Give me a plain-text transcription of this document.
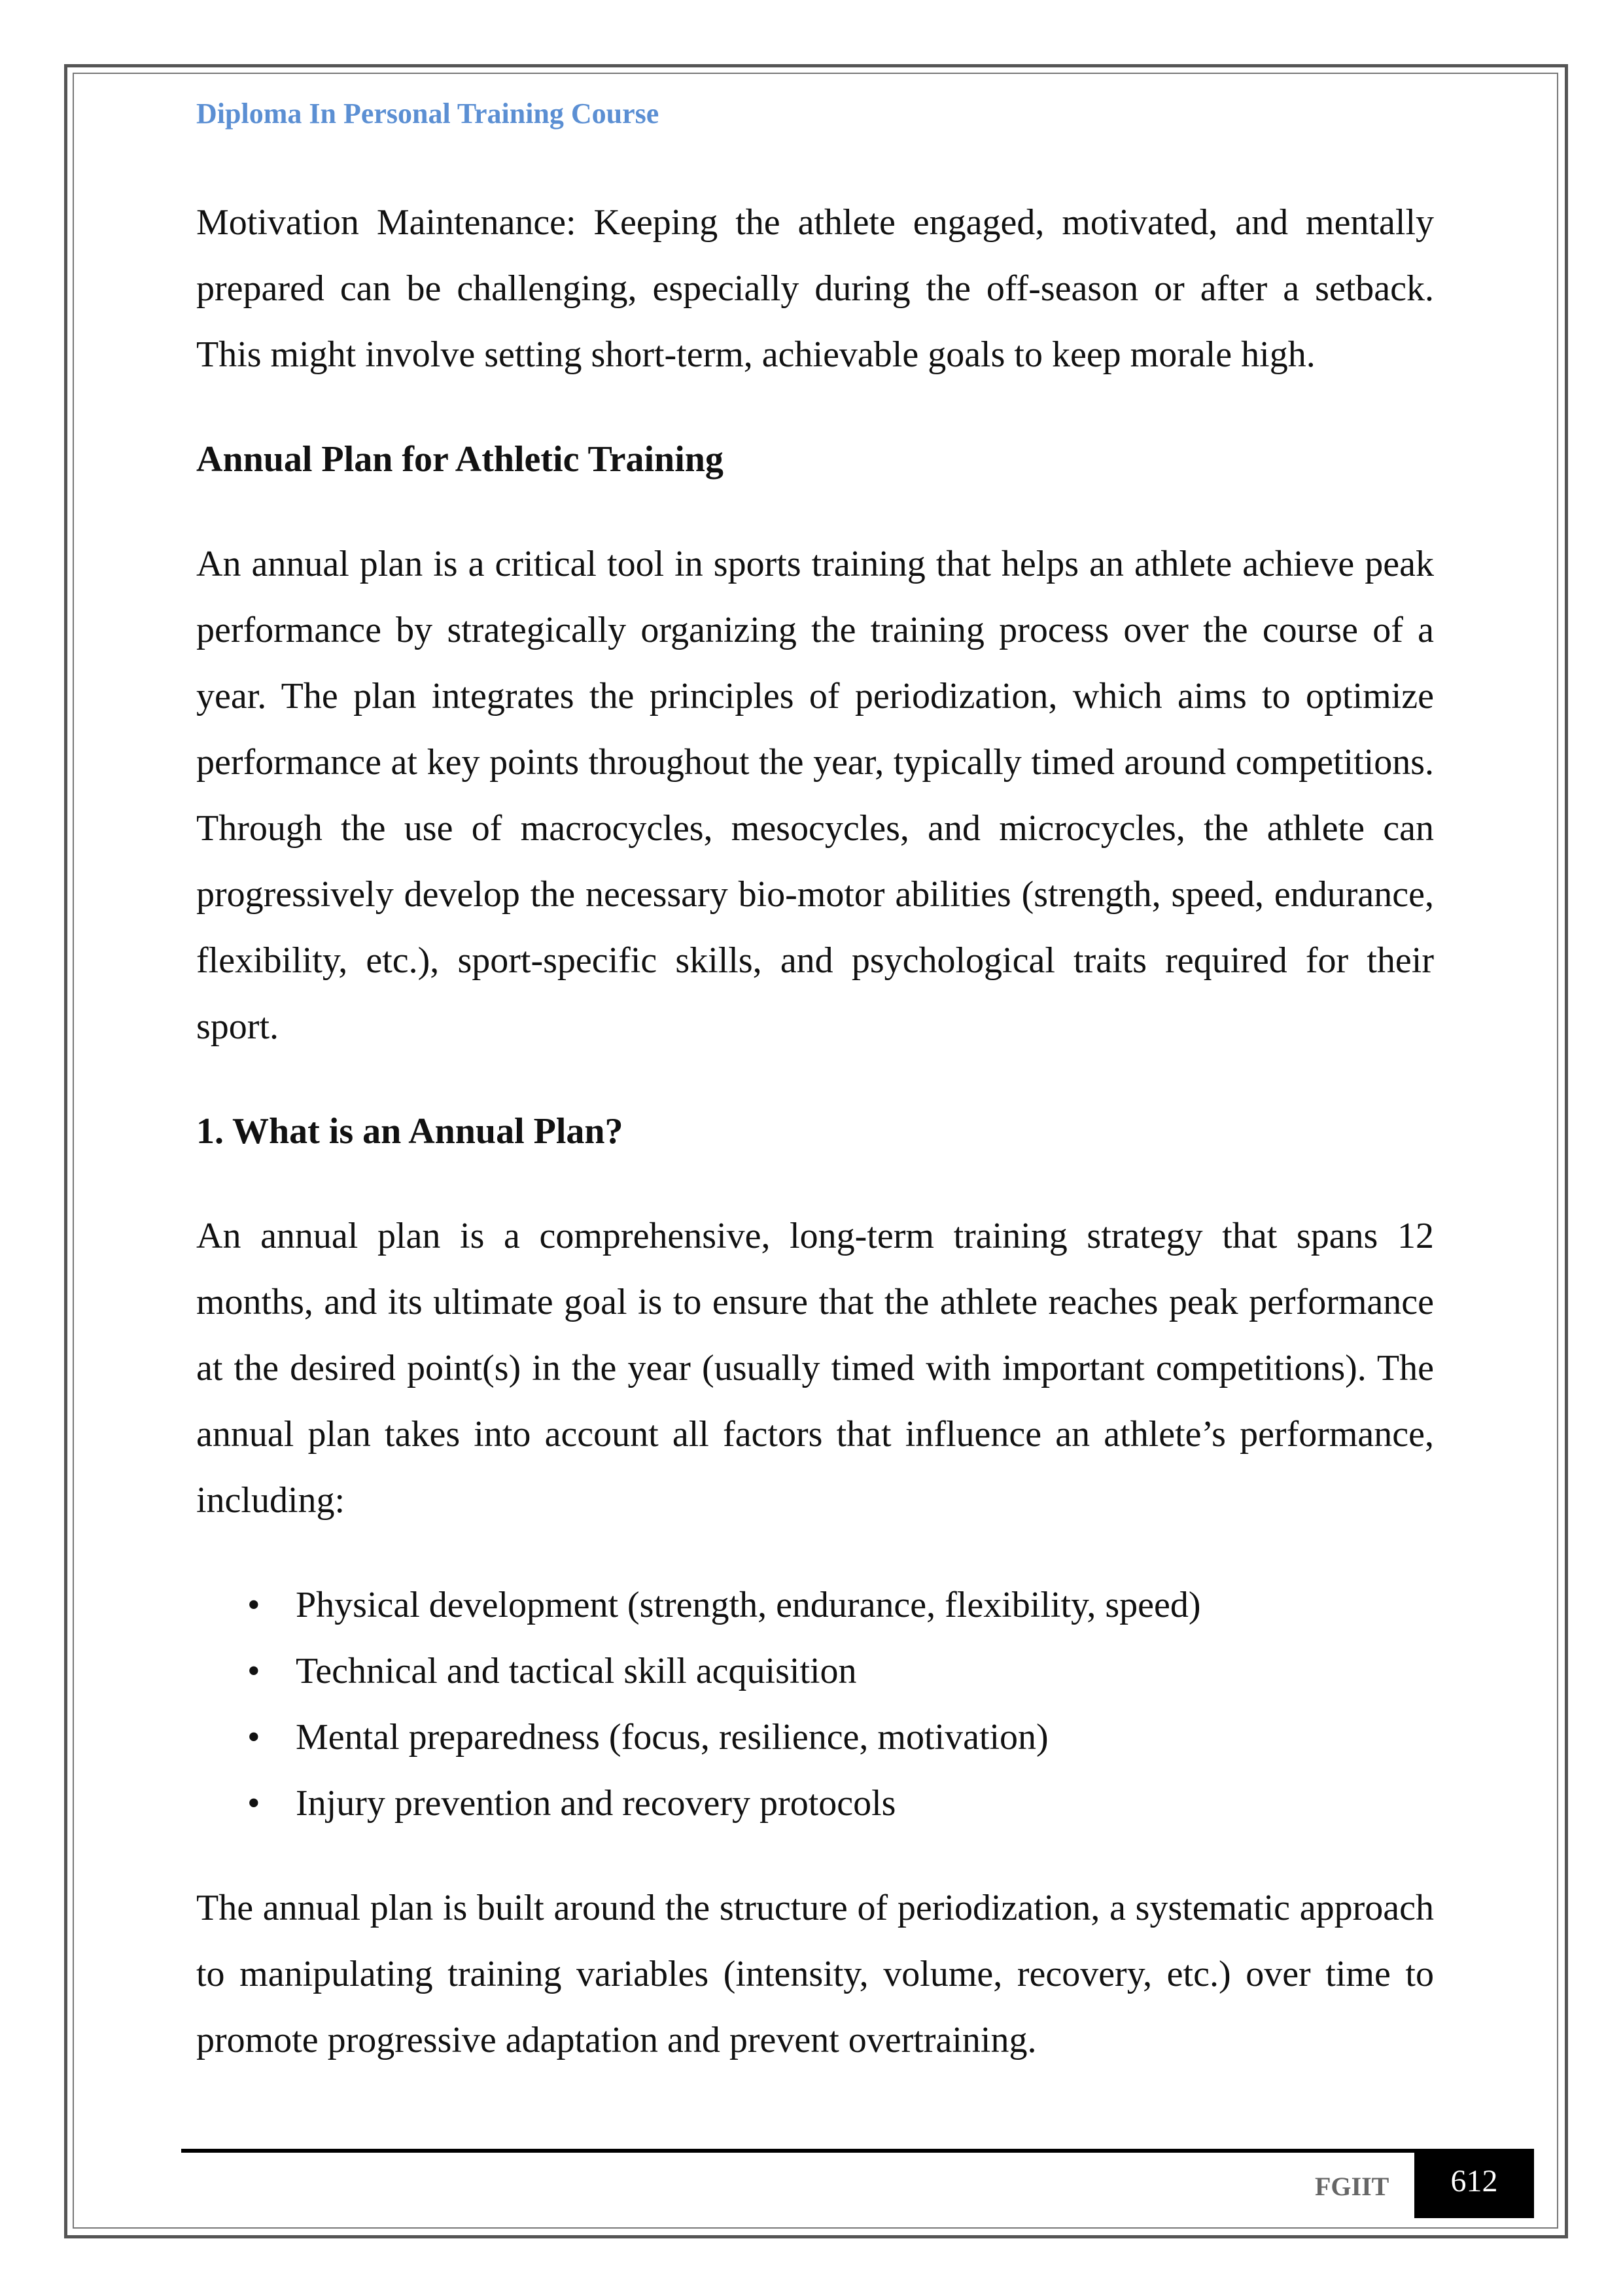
Diploma In Personal Training Course

Motivation Maintenance: Keeping the athlete engaged, motivated, and mentally prepared can be challenging, especially during the off-season or after a setback. This might involve setting short-term, achievable goals to keep morale high.

Annual Plan for Athletic Training

An annual plan is a critical tool in sports training that helps an athlete achieve peak performance by strategically organizing the training process over the course of a year. The plan integrates the principles of periodization, which aims to optimize performance at key points throughout the year, typically timed around competitions. Through the use of macrocycles, mesocycles, and microcycles, the athlete can progressively develop the necessary bio-motor abilities (strength, speed, endurance, flexibility, etc.), sport-specific skills, and psychological traits required for their sport.

1. What is an Annual Plan?

An annual plan is a comprehensive, long-term training strategy that spans 12 months, and its ultimate goal is to ensure that the athlete reaches peak performance at the desired point(s) in the year (usually timed with important competitions). The annual plan takes into account all factors that influence an athlete’s performance, including:

• Physical development (strength, endurance, flexibility, speed)
• Technical and tactical skill acquisition
• Mental preparedness (focus, resilience, motivation)
• Injury prevention and recovery protocols

The annual plan is built around the structure of periodization, a systematic approach to manipulating training variables (intensity, volume, recovery, etc.) over time to promote progressive adaptation and prevent overtraining.

FGIIT	612
